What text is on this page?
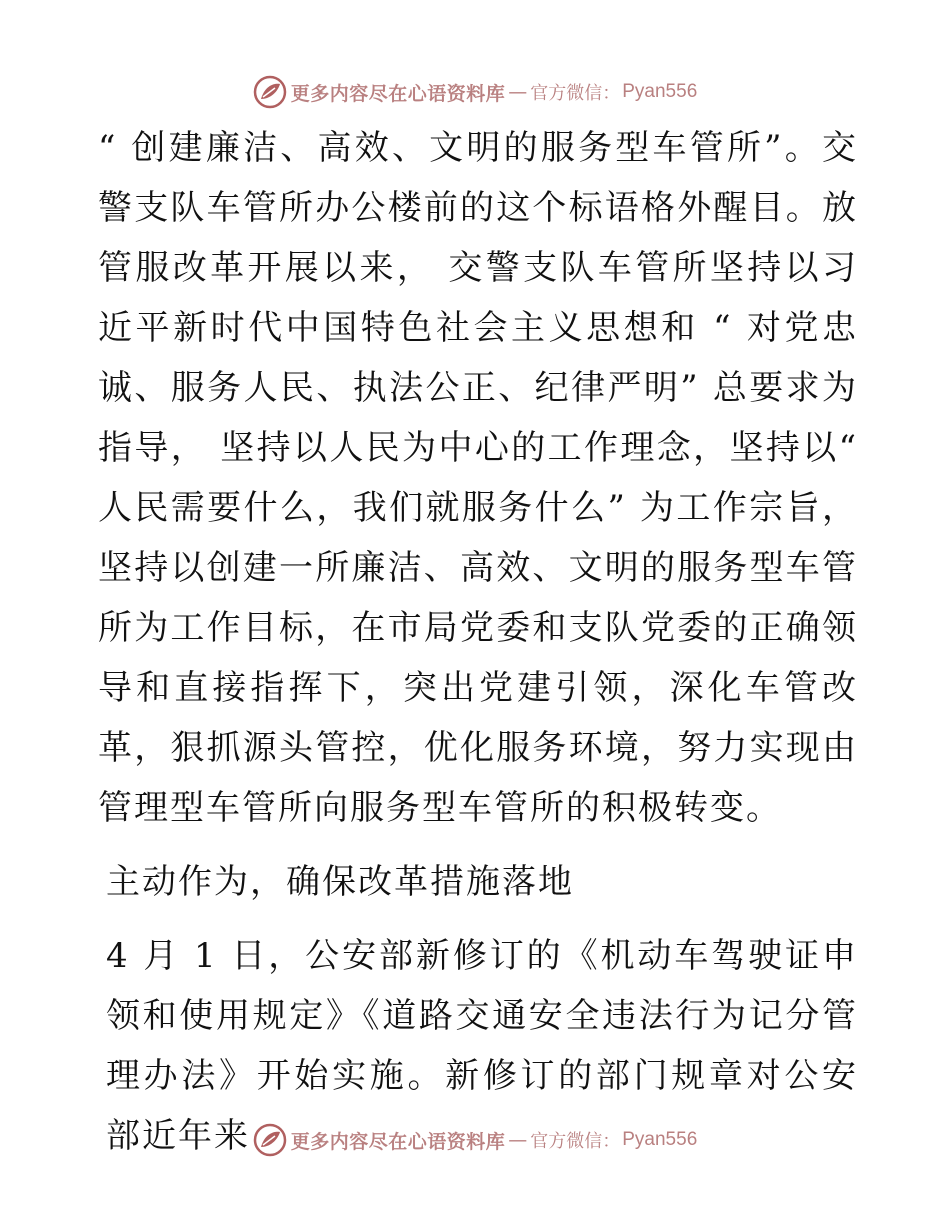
更多内容尽在心语资料库 — 官方微信： Pyan556

“ 创建廉洁、高效、文明的服务型车管所”。交警支队车管所办公楼前的这个标语格外醒目。放管服改革开展以来， 交警支队车管所坚持以习近平新时代中国特色社会主义思想和 “ 对党忠诚、服务人民、执法公正、纪律严明” 总要求为指导， 坚持以人民为中心的工作理念，坚持以“ 人民需要什么，我们就服务什么” 为工作宗旨，坚持以创建一所廉洁、高效、文明的服务型车管所为工作目标，在市局党委和支队党委的正确领导和直接指挥下，突出党建引领，深化车管改革，狠抓源头管控，优化服务环境，努力实现由管理型车管所向服务型车管所的积极转变。

主动作为，确保改革措施落地

4 月 1 日，公安部新修订的《机动车驾驶证申领和使用规定》《道路交通安全违法行为记分管理办法》开始实施。新修订的部门规章对公安部近年来	更多内容尽在心语资料库 — 官方微信： Pyan556
